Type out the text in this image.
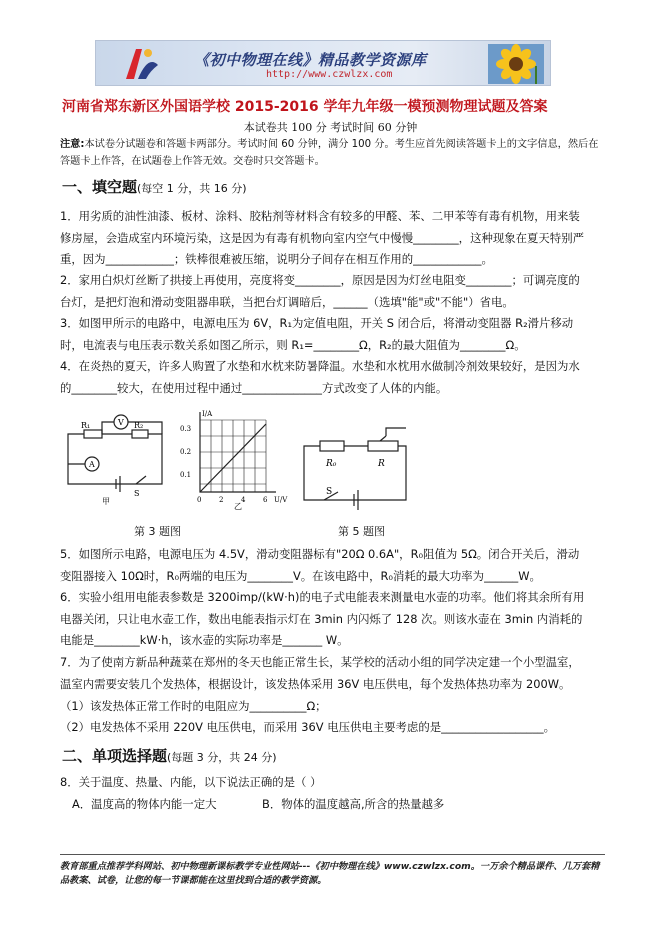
《初中物理在线》精品教学资源库
http://www.czwlzx.com
河南省郑东新区外国语学校 2015-2016 学年九年级一模预测物理试题及答案
本试卷共 100 分 考试时间 60 分钟
注意:本试卷分试题卷和答题卡两部分。考试时间 60 分钟，满分 100 分。考生应首先阅读答题卡上的文字信息，然后在答题卡上作答，在试题卷上作答无效。交卷时只交答题卡。
一、填空题(每空 1 分，共 16 分)
1．用劣质的油性油漆、板材、涂料、胶粘剂等材料含有较多的甲醛、苯、二甲苯等有毒有机物，用来装修房屋，会造成室内环境污染，这是因为有毒有机物向室内空气中慢慢________，这种现象在夏天特别严重，因为____________；铁棒很难被压缩，说明分子间存在相互作用的____________。
2．家用白炽灯丝断了拱接上再使用，亮度将变________，原因是因为灯丝电阻变________；可调亮度的台灯，是把灯泡和滑动变阻器串联，当把台灯调暗后，______（选填"能"或"不能"）省电。
3．如图甲所示的电路中，电源电压为 6V，R₁为定值电阻，开关 S 闭合后，将滑动变阻器 R₂滑片移动时，电流表与电压表示数关系如图乙所示，则 R₁=________Ω，R₂的最大阻值为________Ω。
4．在炎热的夏天，许多人购置了水垫和水枕来防暑降温。水垫和水枕用水做制冷剂效果较好，是因为水的________较大，在使用过程中通过______________方式改变了人体的内能。
R₁	R₂
V
A
S
甲
I/A
0.3
0.2
0.1
0	2	4	6 U/V
乙
R₀	R
S
第 3 题图	第 5 题图
5．如图所示电路，电源电压为 4.5V，滑动变阻器标有"20Ω 0.6A"，R₀阻值为 5Ω。闭合开关后，滑动变阻器接入 10Ω时，R₀两端的电压为________V。在该电路中，R₀消耗的最大功率为______W。
6．实验小组用电能表参数是 3200imp/(kW·h)的电子式电能表来测量电水壶的功率。他们将其余所有用电器关闭，只让电水壶工作，数出电能表指示灯在 3min 内闪烁了 128 次。则该水壶在 3min 内消耗的电能是________kW·h，该水壶的实际功率是_______ W。
7．为了使南方新品种蔬菜在郑州的冬天也能正常生长，某学校的活动小组的同学决定建一个小型温室，温室内需要安装几个发热体，根据设计，该发热体采用 36V 电压供电，每个发热体热功率为 200W。
（1）该发热体正常工作时的电阻应为__________Ω；
（2）电发热体不采用 220V 电压供电，而采用 36V 电压供电主要考虑的是__________________。
二、单项选择题(每题 3 分，共 24 分)
8．关于温度、热量、内能，以下说法正确的是（ ）
A．温度高的物体内能一定大	B．物体的温度越高,所含的热量越多
教育部重点推荐学科网站、初中物理新课标教学专业性网站---《初中物理在线》www.czwlzx.com。一万余个精品课件、几万套精品教案、试卷，让您的每一节课都能在这里找到合适的教学资源。
